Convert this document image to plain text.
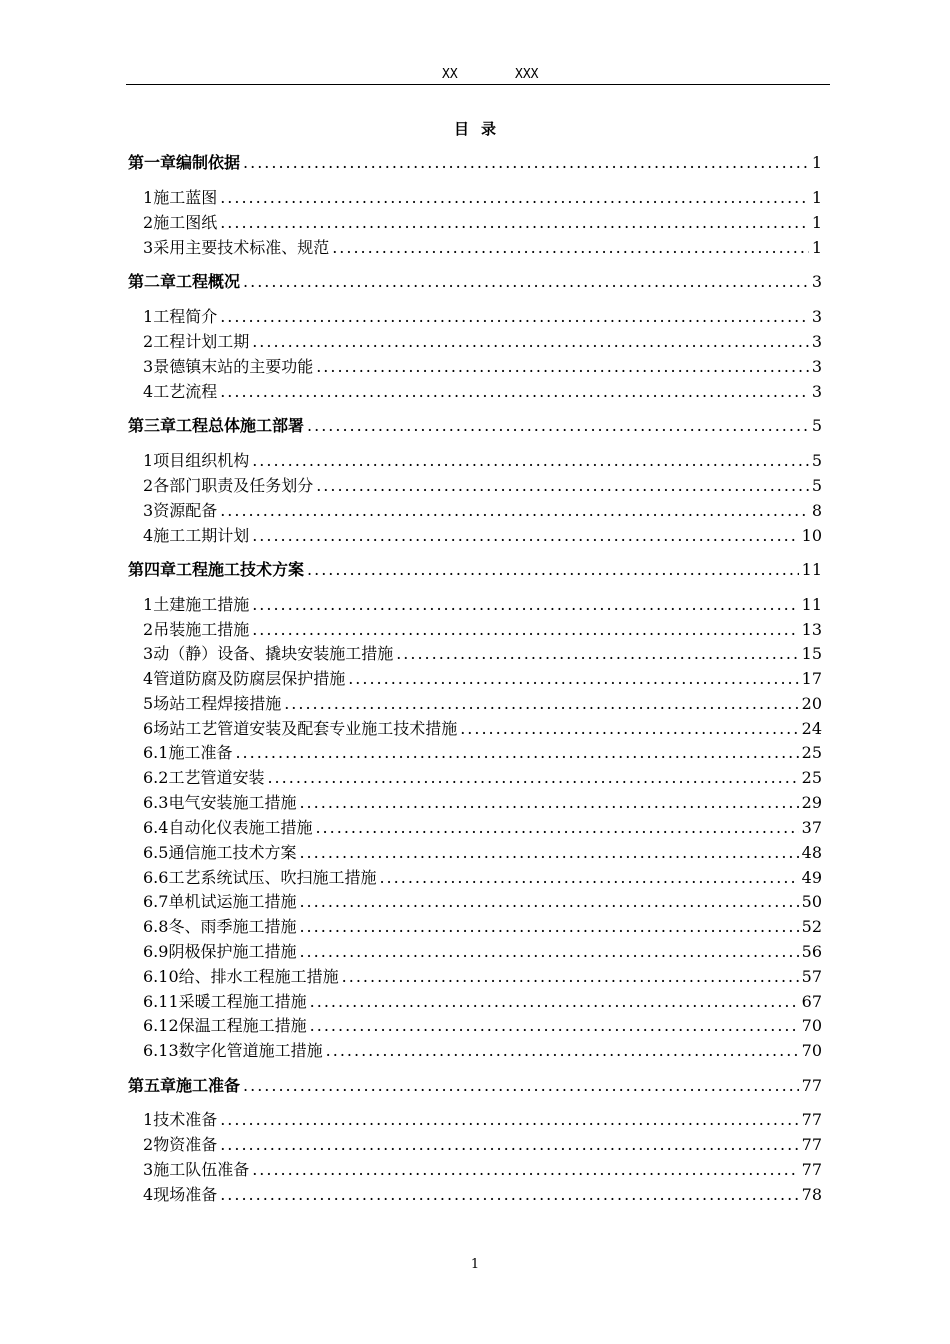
XX	XXX
目录
第一章 编制依据 .....	1
1 施工蓝图 .....	1
2 施工图纸 .....	1
3 采用主要技术标准、规范 .....	1
第二章 工程概况 .....	3
1 工程简介 .....	3
2 工程计划工期 .....	3
3 景德镇末站的主要功能 .....	3
4 工艺流程 .....	3
第三章 工程总体施工部署 .....	5
1 项目组织机构 .....	5
2 各部门职责及任务划分 .....	5
3 资源配备 .....	8
4 施工工期计划 .....	10
第四章 工程施工技术方案 .....	11
1 土建施工措施 .....	11
2 吊装施工措施 .....	13
3 动（静）设备、撬块安装施工措施 .....	15
4 管道防腐及防腐层保护措施 .....	17
5 场站工程焊接措施 .....	20
6 场站工艺管道安装及配套专业施工技术措施 .....	24
6.1 施工准备 .....	25
6.2 工艺管道安装 .....	25
6.3 电气安装施工措施 .....	29
6.4 自动化仪表施工措施 .....	37
6.5 通信施工技术方案 .....	48
6.6 工艺系统试压、吹扫施工措施 .....	49
6.7 单机试运施工措施 .....	50
6.8 冬、雨季施工措施 .....	52
6.9 阴极保护施工措施 .....	56
6.10 给、排水工程施工措施 .....	57
6.11 采暖工程施工措施 .....	67
6.12 保温工程施工措施 .....	70
6.13 数字化管道施工措施 .....	70
第五章 施工准备 .....	77
1 技术准备 .....	77
2 物资准备 .....	77
3 施工队伍准备 .....	77
4 现场准备 .....	78
1
